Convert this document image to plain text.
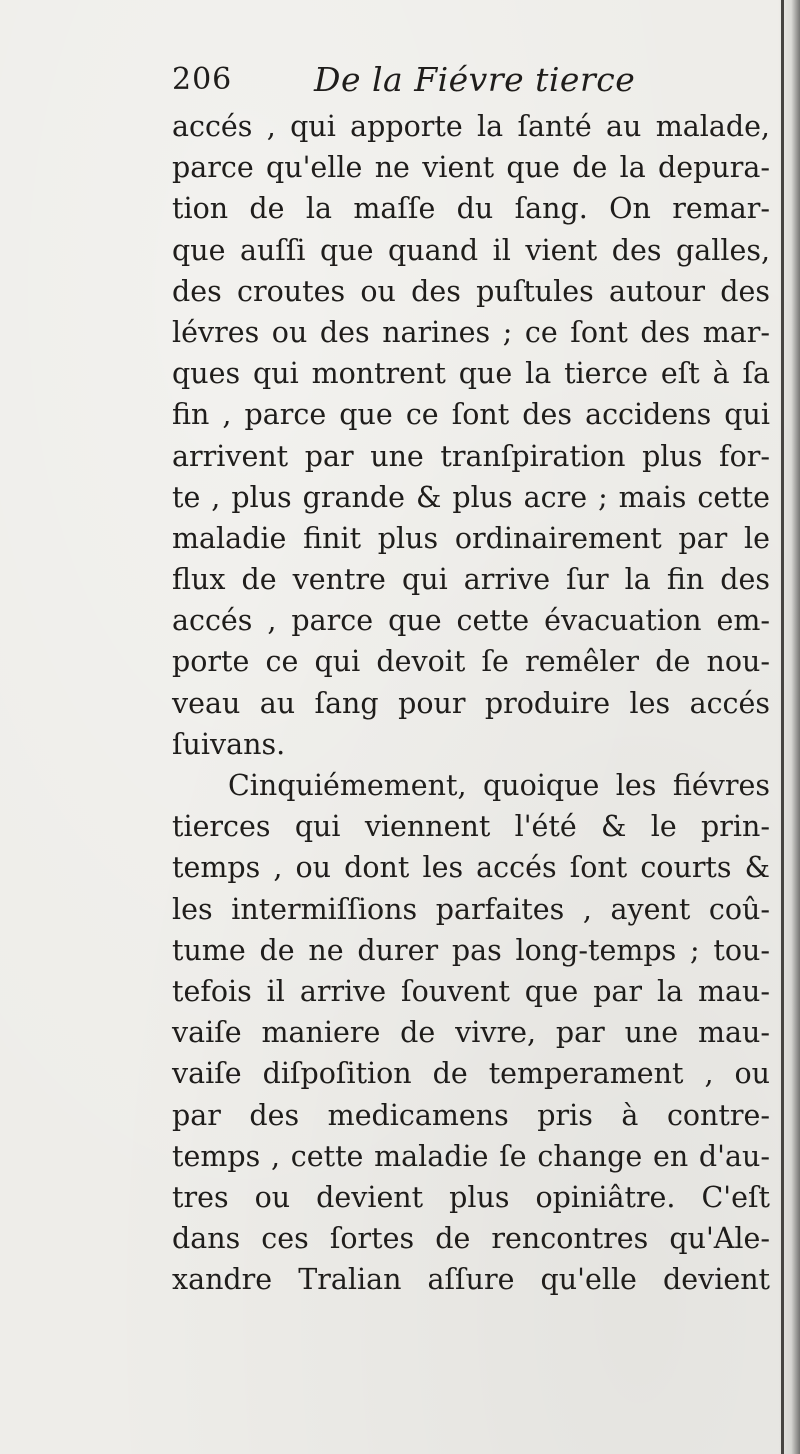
206 De la Fiévre tierce
accés , qui apporte la ſanté au malade,
parce qu'elle ne vient que de la depura-
tion de la maſſe du ſang. On remar-
que auſſi que quand il vient des galles,
des croutes ou des puſtules autour des
lévres ou des narines ; ce ſont des mar-
ques qui montrent que la tierce eſt à ſa
fin , parce que ce ſont des accidens qui
arrivent par une tranſpiration plus for-
te , plus grande & plus acre ; mais cette
maladie finit plus ordinairement par le
flux de ventre qui arrive ſur la fin des
accés , parce que cette évacuation em-
porte ce qui devoit ſe remêler de nou-
veau au ſang pour produire les accés
ſuivans.
Cinquiémement, quoique les fiévres
tierces qui viennent l'été & le prin-
temps , ou dont les accés ſont courts &
les intermiſſions parfaites , ayent coû-
tume de ne durer pas long-temps ; tou-
tefois il arrive ſouvent que par la mau-
vaiſe maniere de vivre, par une mau-
vaiſe diſpoſition de temperament , ou
par des medicamens pris à contre-
temps , cette maladie ſe change en d'au-
tres ou devient plus opiniâtre. C'eſt
dans ces ſortes de rencontres qu'Ale-
xandre Tralian aſſure qu'elle devient
